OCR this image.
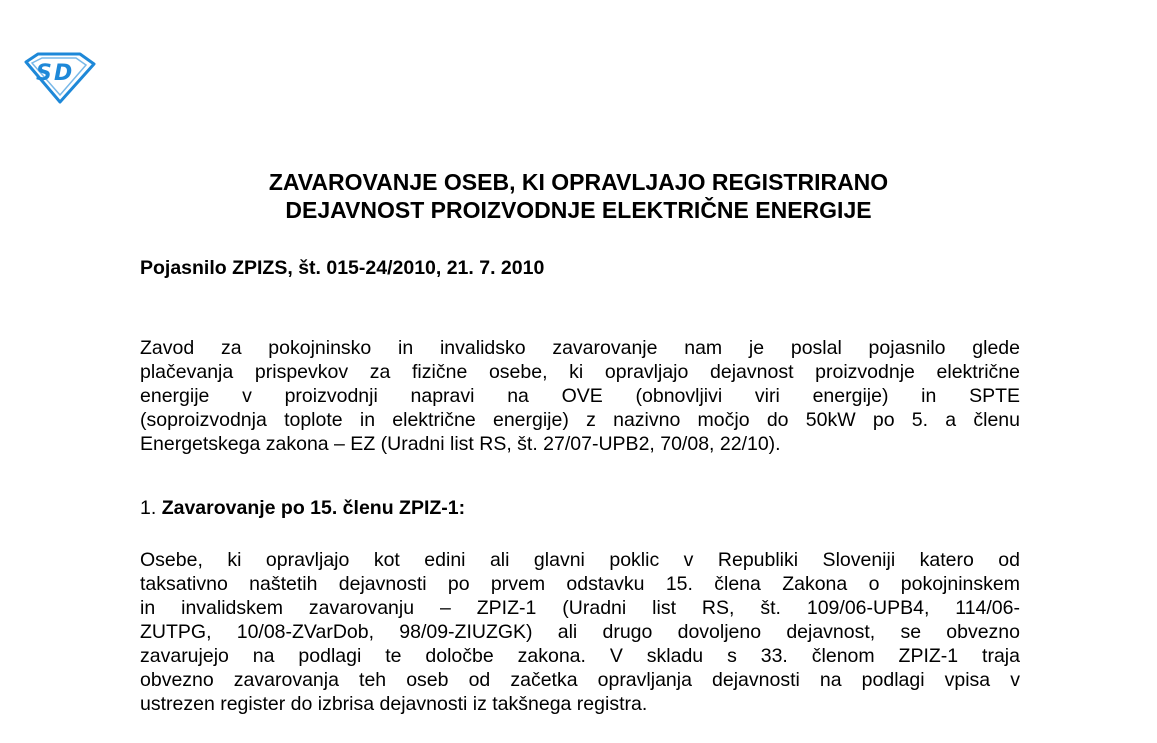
S D
ZAVAROVANJE OSEB, KI OPRAVLJAJO REGISTRIRANO
DEJAVNOST PROIZVODNJE ELEKTRIČNE ENERGIJE
Pojasnilo ZPIZS, št. 015-24/2010, 21. 7. 2010
Zavod za pokojninsko in invalidsko zavarovanje nam je poslal pojasnilo glede
plačevanja prispevkov za fizične osebe, ki opravljajo dejavnost proizvodnje električne
energije v proizvodnji napravi na OVE (obnovljivi viri energije) in SPTE
(soproizvodnja toplote in električne energije) z nazivno močjo do 50kW po 5. a členu
Energetskega zakona – EZ (Uradni list RS, št. 27/07-UPB2, 70/08, 22/10).
1. Zavarovanje po 15. členu ZPIZ-1:
Osebe, ki opravljajo kot edini ali glavni poklic v Republiki Sloveniji katero od
taksativno naštetih dejavnosti po prvem odstavku 15. člena Zakona o pokojninskem
in invalidskem zavarovanju – ZPIZ-1 (Uradni list RS, št. 109/06-UPB4, 114/06-
ZUTPG, 10/08-ZVarDob, 98/09-ZIUZGK) ali drugo dovoljeno dejavnost, se obvezno
zavarujejo na podlagi te določbe zakona. V skladu s 33. členom ZPIZ-1 traja
obvezno zavarovanja teh oseb od začetka opravljanja dejavnosti na podlagi vpisa v
ustrezen register do izbrisa dejavnosti iz takšnega registra.
